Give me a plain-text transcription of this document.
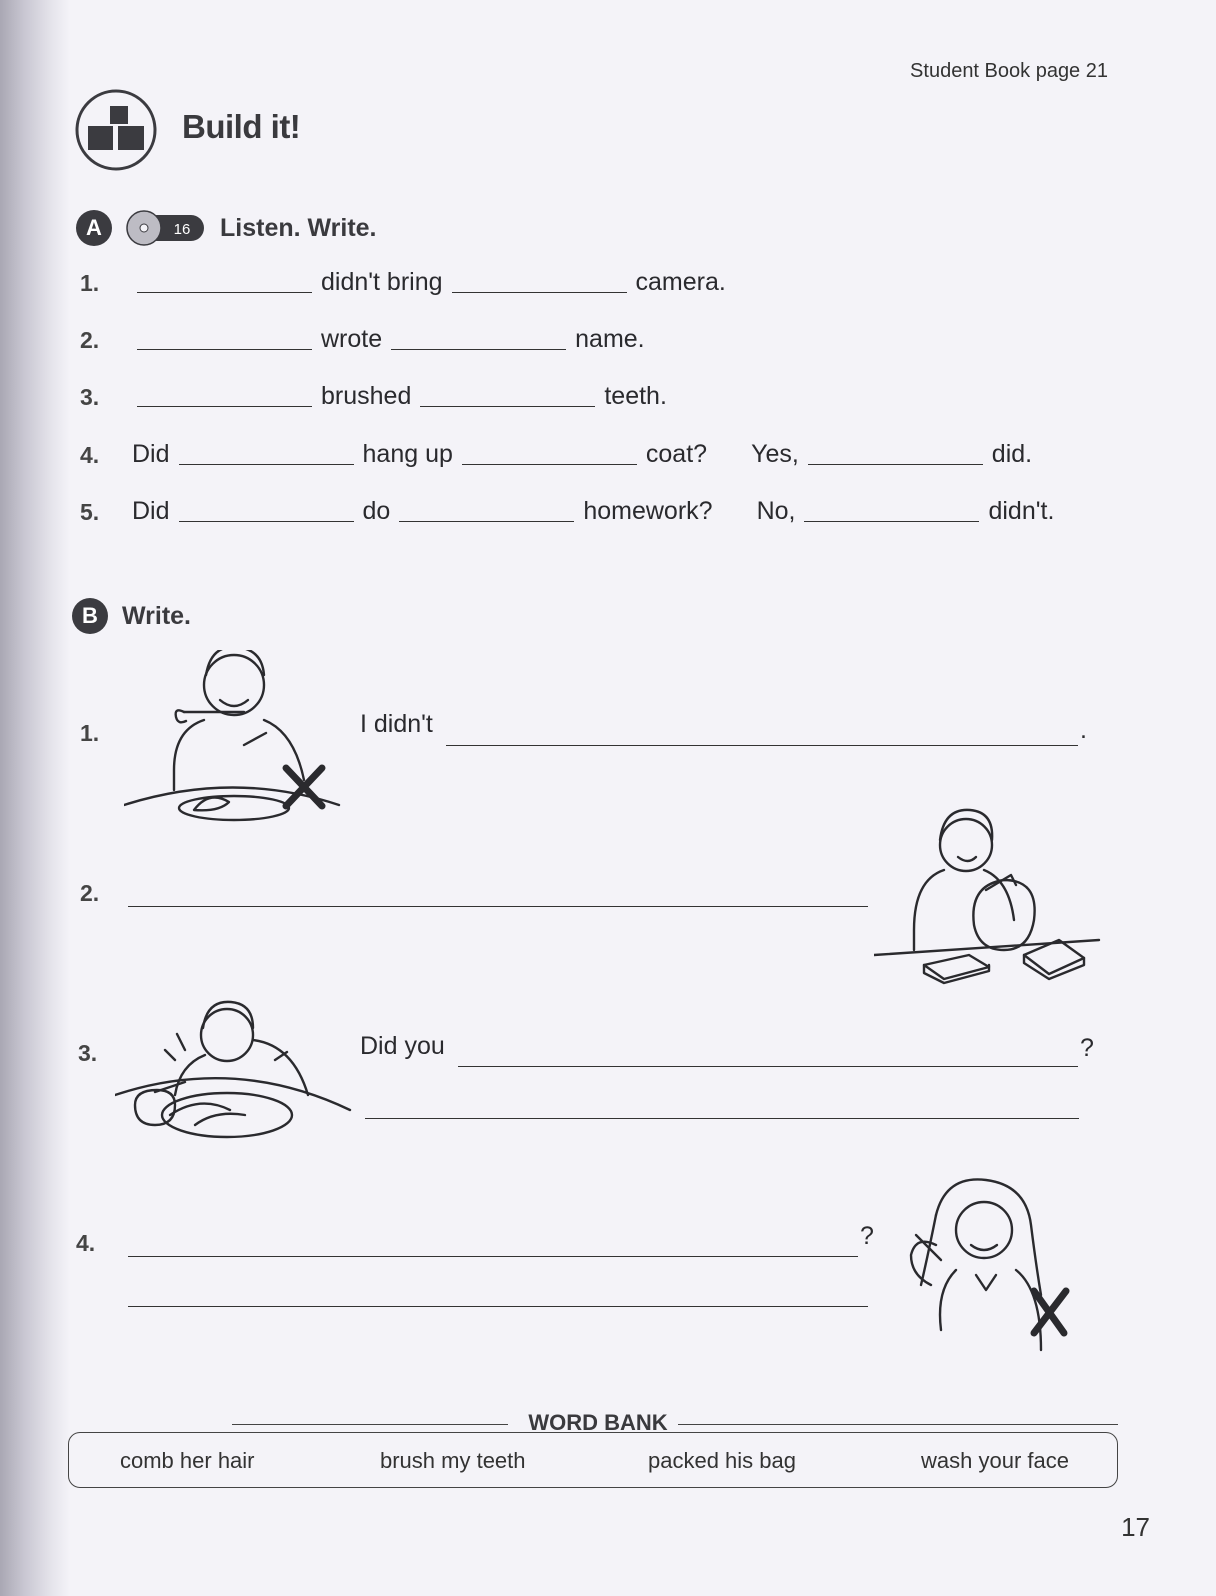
Student Book page 21
Build it!
A	16 Listen. Write.
1.	didn't bring	camera.
2.	wrote	name.
3.	brushed	teeth.
4.	Did	hang up	coat? Yes,	did.
5.	Did	do	homework? No,	didn't.
B Write.
1.	I didn't	.
2.
3.	Did you	?
4.	?
WORD BANK
comb her hair	brush my teeth	packed his bag	wash your face
17
